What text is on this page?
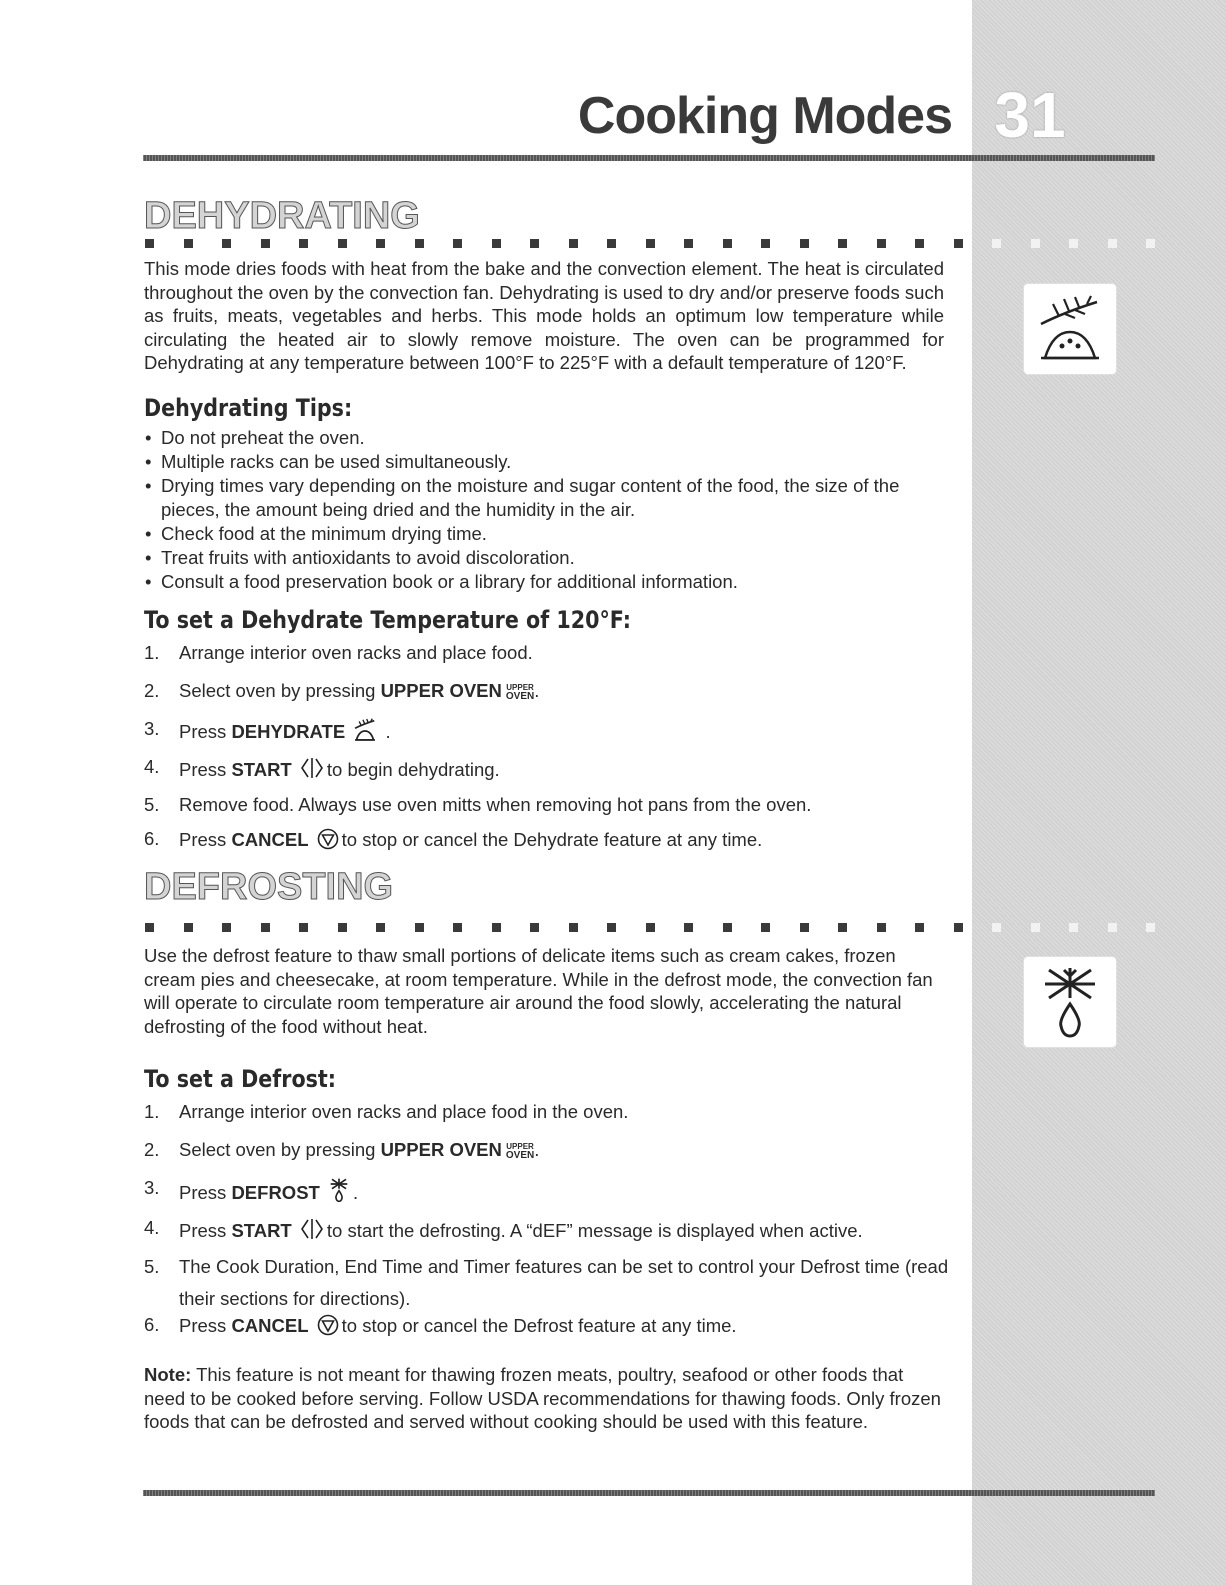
Cooking Modes 31
DEHYDRATING

This mode dries foods with heat from the bake and the convection element. The heat is circulated throughout the oven by the convection fan. Dehydrating is used to dry and/or preserve foods such as fruits, meats, vegetables and herbs. This mode holds an optimum low temperature while circulating the heated air to slowly remove moisture. The oven can be programmed for Dehydrating at any temperature between 100°F to 225°F with a default temperature of 120°F.

Dehydrating Tips:
• Do not preheat the oven.
• Multiple racks can be used simultaneously.
• Drying times vary depending on the moisture and sugar content of the food, the size of the pieces, the amount being dried and the humidity in the air.
• Check food at the minimum drying time.
• Treat fruits with antioxidants to avoid discoloration.
• Consult a food preservation book or a library for additional information.
To set a Dehydrate Temperature of 120°F:
1. Arrange interior oven racks and place food.
2. Select oven by pressing UPPER OVEN UPPER
OVEN .
3. Press DEHYDRATE  .
4. Press START to begin dehydrating.
5. Remove food. Always use oven mitts when removing hot pans from the oven.
6. Press CANCEL to stop or cancel the Dehydrate feature at any time.
DEFROSTING

Use the defrost feature to thaw small portions of delicate items such as cream cakes, frozen cream pies and cheesecake, at room temperature. While in the defrost mode, the convection fan will operate to circulate room temperature air around the food slowly, accelerating the natural defrosting of the food without heat.

To set a Defrost:
1. Arrange interior oven racks and place food in the oven.
2. Select oven by pressing UPPER OVEN UPPER
OVEN .
3. Press DEFROST .
4. Press START to start the defrosting. A “dEF” message is displayed when active.
5. The Cook Duration, End Time and Timer features can be set to control your Defrost time (read their sections for directions).
6. Press CANCEL to stop or cancel the Defrost feature at any time.

Note: This feature is not meant for thawing frozen meats, poultry, seafood or other foods that need to be cooked before serving. Follow USDA recommendations for thawing foods. Only frozen foods that can be defrosted and served without cooking should be used with this feature.
